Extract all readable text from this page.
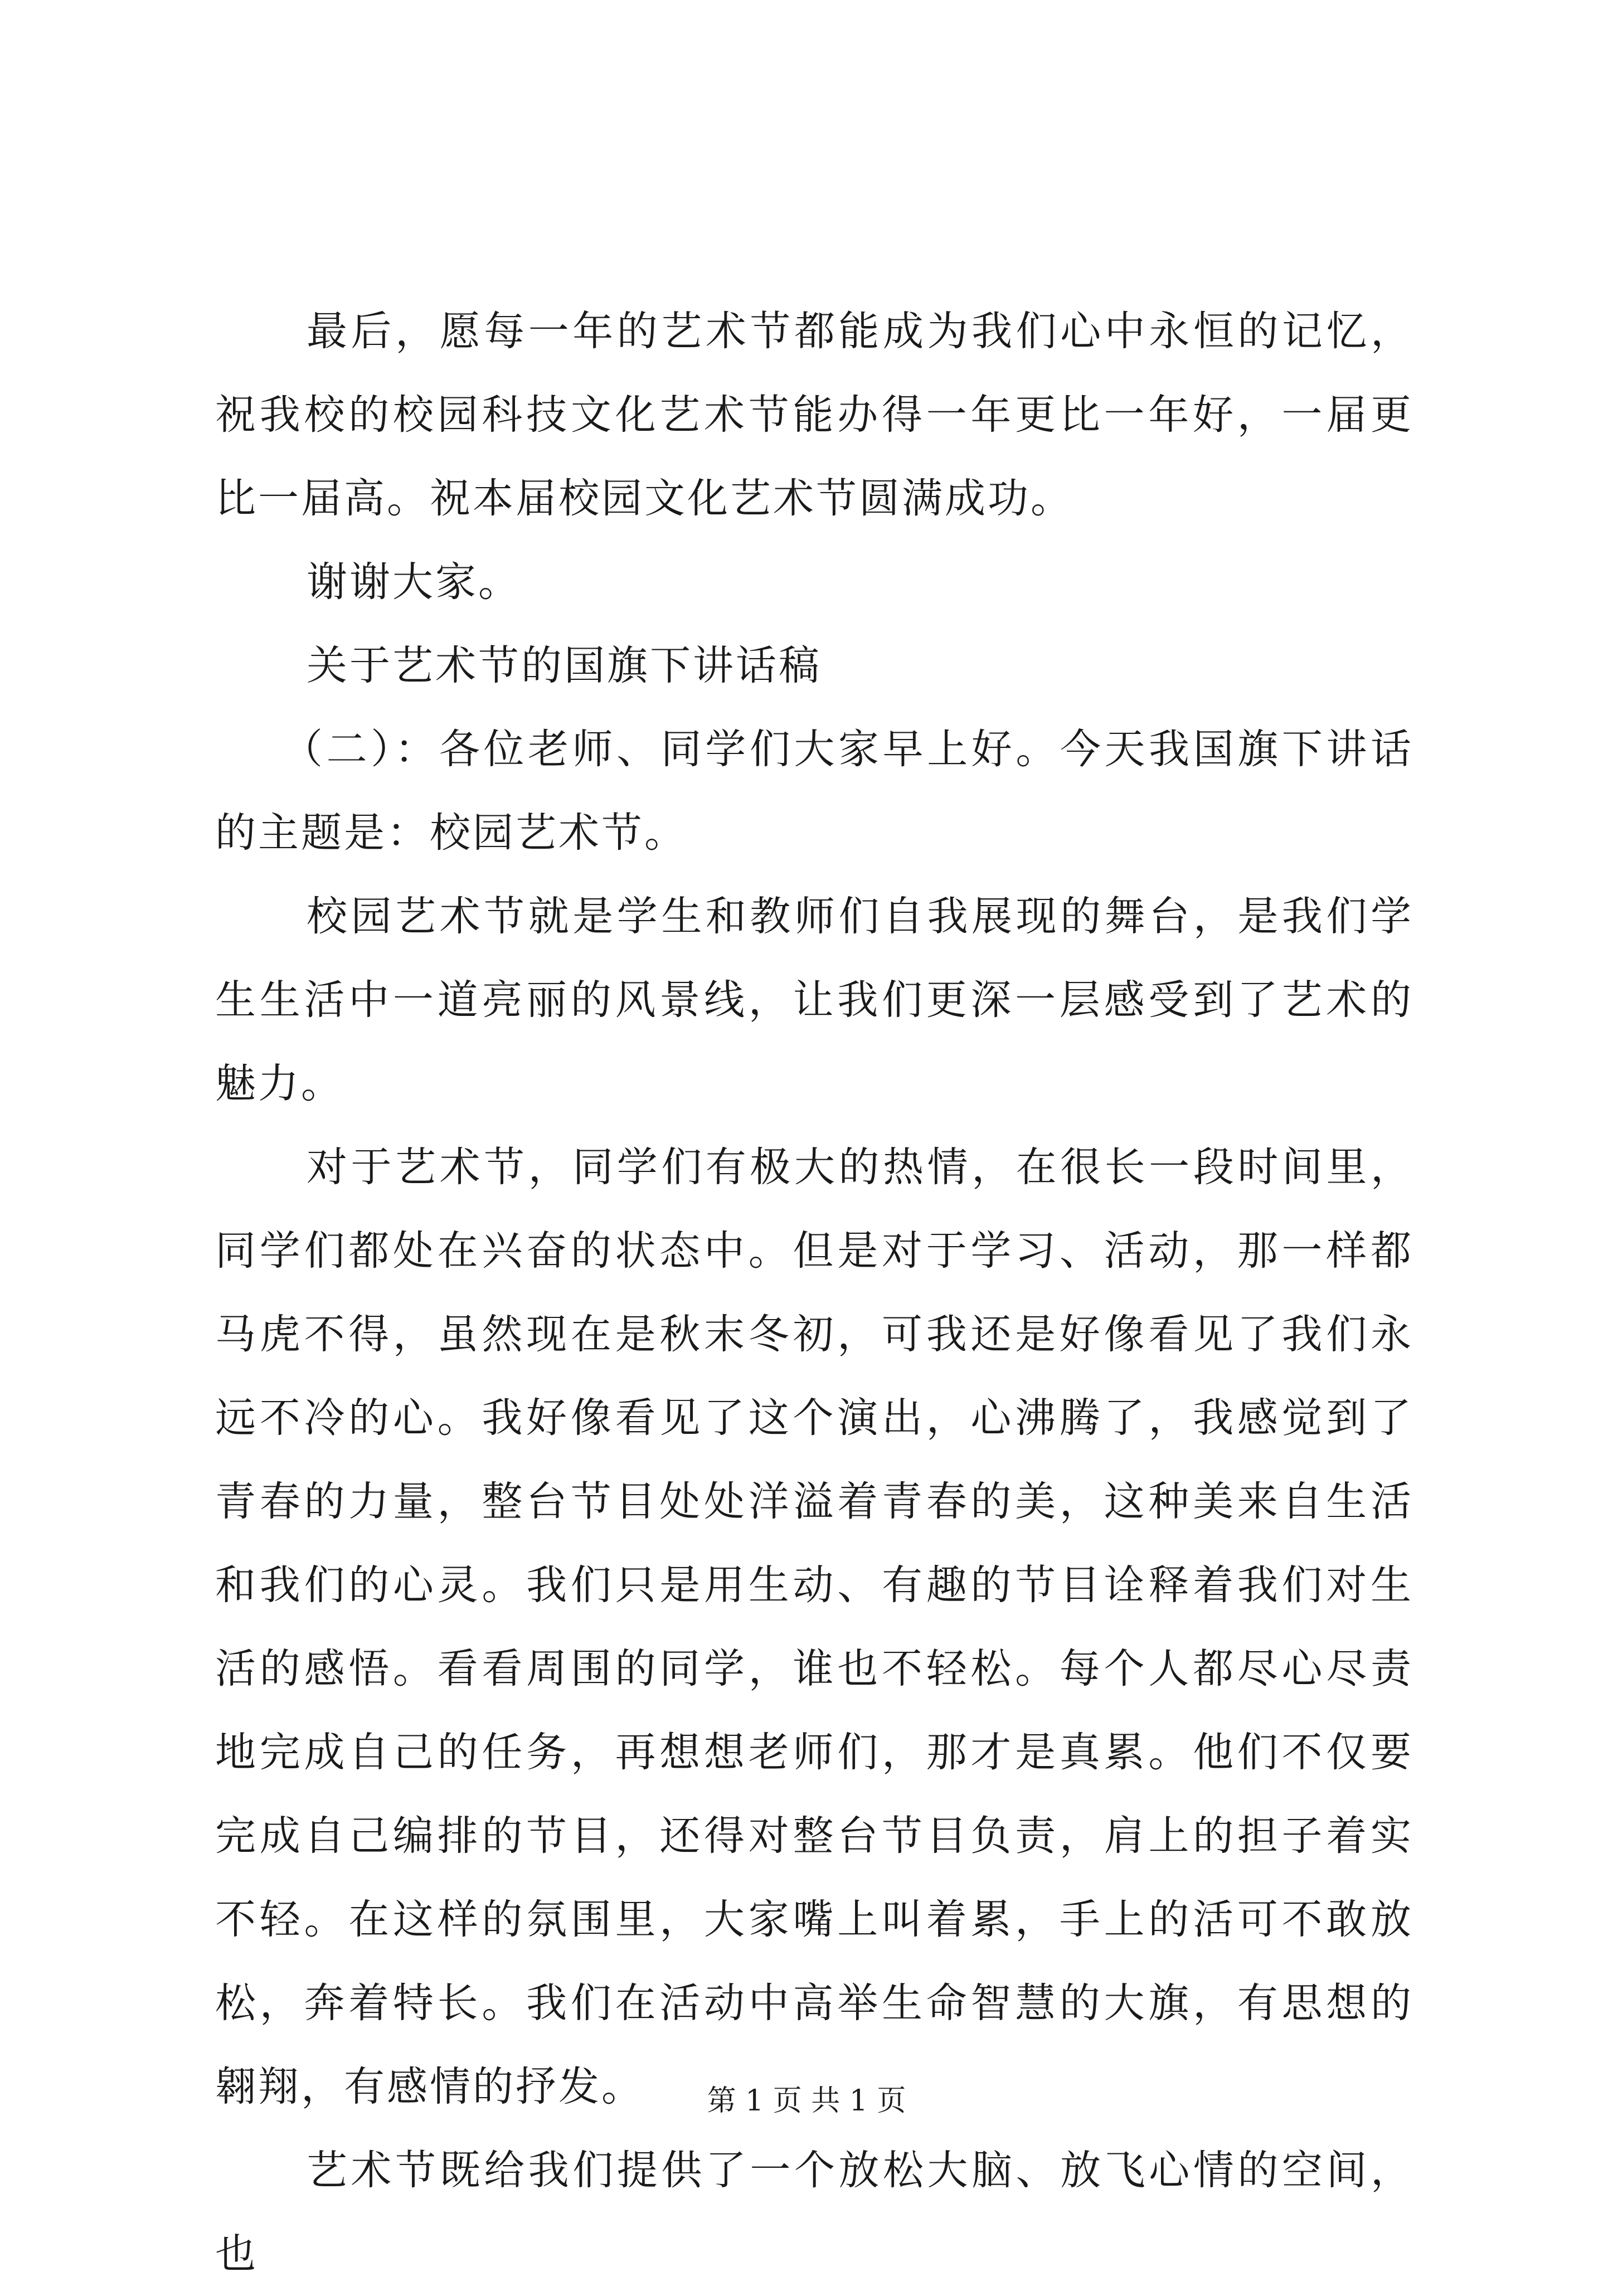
最后，愿每一年的艺术节都能成为我们心中永恒的记忆，祝我校的校园科技文化艺术节能办得一年更比一年好，一届更比一届高。祝本届校园文化艺术节圆满成功。

谢谢大家。

关于艺术节的国旗下讲话稿

（二）：各位老师、同学们大家早上好。今天我国旗下讲话的主题是：校园艺术节。

校园艺术节就是学生和教师们自我展现的舞台，是我们学生生活中一道亮丽的风景线，让我们更深一层感受到了艺术的魅力。

对于艺术节，同学们有极大的热情，在很长一段时间里，同学们都处在兴奋的状态中。但是对于学习、活动，那一样都马虎不得，虽然现在是秋末冬初，可我还是好像看见了我们永远不冷的心。我好像看见了这个演出，心沸腾了，我感觉到了青春的力量，整台节目处处洋溢着青春的美，这种美来自生活和我们的心灵。我们只是用生动、有趣的节目诠释着我们对生活的感悟。看看周围的同学，谁也不轻松。每个人都尽心尽责地完成自己的任务，再想想老师们，那才是真累。他们不仅要完成自己编排的节目，还得对整台节目负责，肩上的担子着实不轻。在这样的氛围里，大家嘴上叫着累，手上的活可不敢放松，奔着特长。我们在活动中高举生命智慧的大旗，有思想的翱翔，有感情的抒发。

艺术节既给我们提供了一个放松大脑、放飞心情的空间，也

第 1 页 共 1 页
